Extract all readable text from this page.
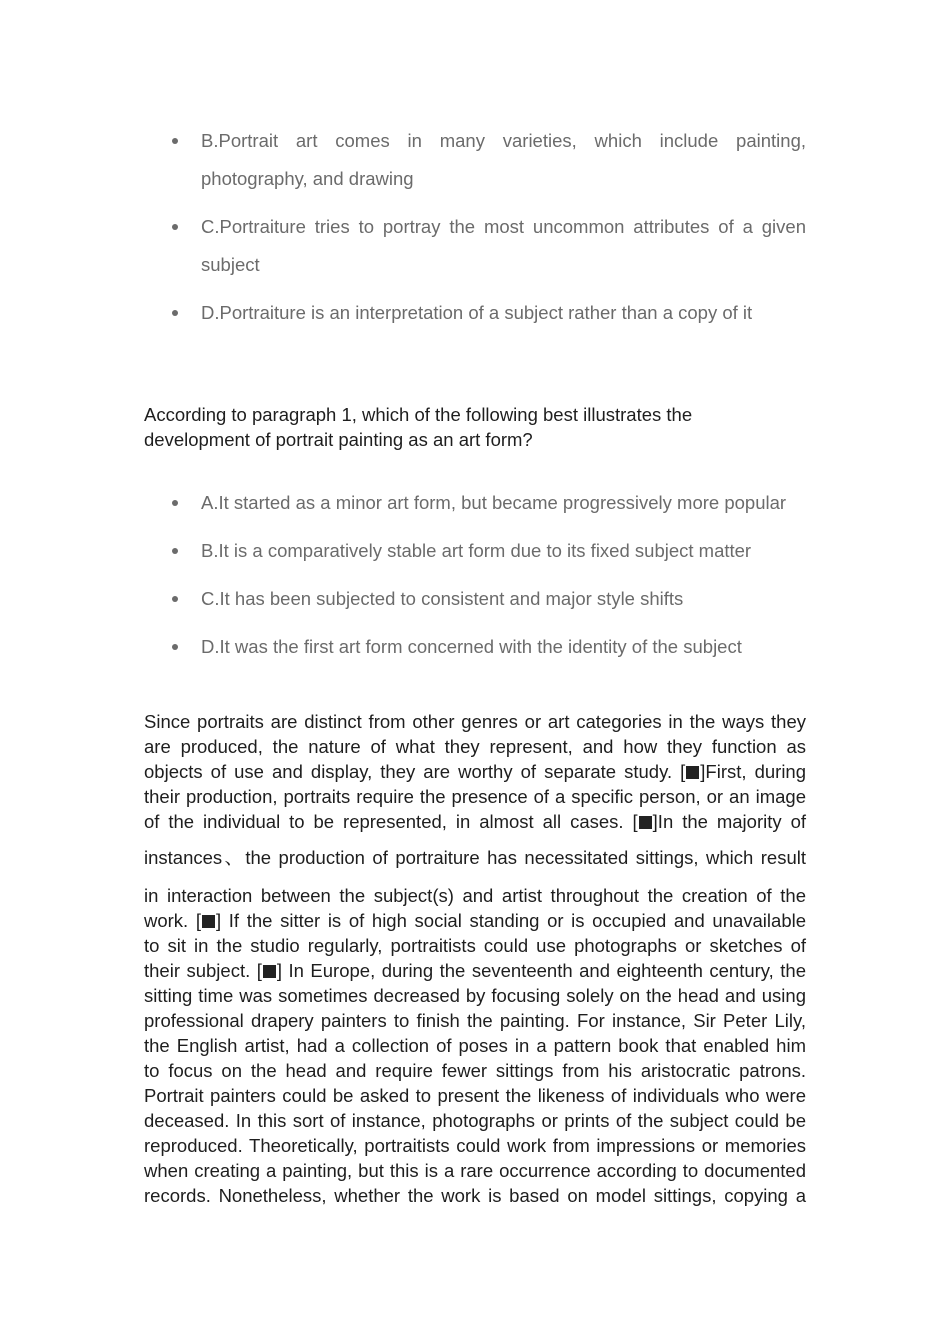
B.Portrait art comes in many varieties, which include painting, photography, and drawing
C.Portraiture tries to portray the most uncommon attributes of a given subject
D.Portraiture is an interpretation of a subject rather than a copy of it
According to paragraph 1, which of the following best illustrates the development of portrait painting as an art form?
A.It started as a minor art form, but became progressively more popular
B.It is a comparatively stable art form due to its fixed subject matter
C.It has been subjected to consistent and major style shifts
D.It was the first art form concerned with the identity of the subject
Since portraits are distinct from other genres or art categories in the ways they
are produced, the nature of what they represent, and how they function as
objects of use and display, they are worthy of separate study. [ ]First, during
their production, portraits require the presence of a specific person, or an image
of the individual to be represented, in almost all cases. [ ]In the majority of
instances、the production of portraiture has necessitated sittings, which result
in interaction between the subject(s) and artist throughout the creation of the
work. [ ] If the sitter is of high social standing or is occupied and unavailable
to sit in the studio regularly, portraitists could use photographs or sketches of
their subject. [ ] In Europe, during the seventeenth and eighteenth century, the
sitting time was sometimes decreased by focusing solely on the head and using
professional drapery painters to finish the painting. For instance, Sir Peter Lily,
the English artist, had a collection of poses in a pattern book that enabled him
to focus on the head and require fewer sittings from his aristocratic patrons.
Portrait painters could be asked to present the likeness of individuals who were
deceased. In this sort of instance, photographs or prints of the subject could be
reproduced. Theoretically, portraitists could work from impressions or memories
when creating a painting, but this is a rare occurrence according to documented
records. Nonetheless, whether the work is based on model sittings, copying a
